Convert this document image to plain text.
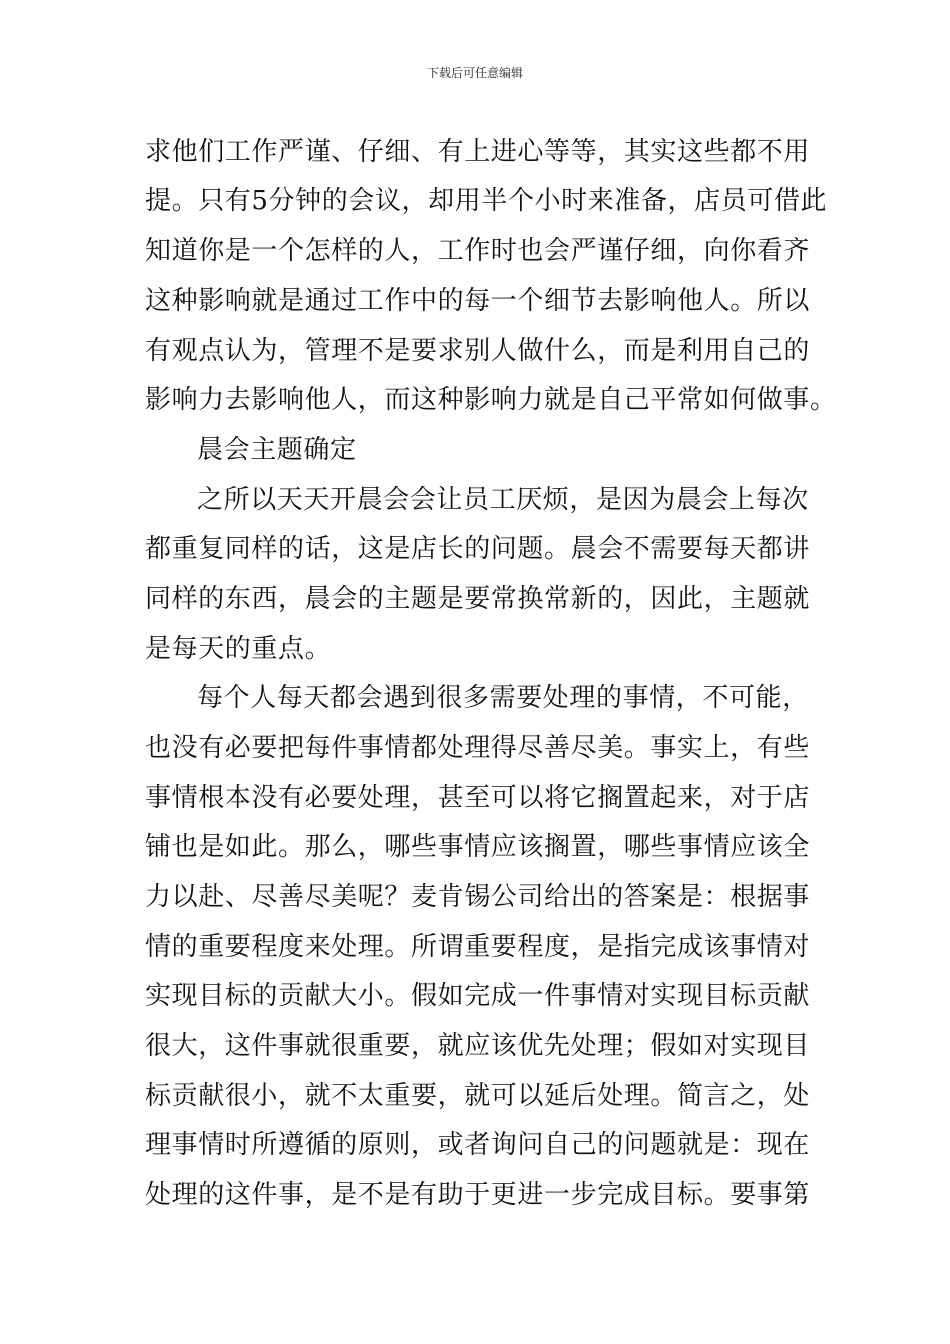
下载后可任意编辑
求他们工作严谨、仔细、有上进心等等，其实这些都不用
提。只有5分钟的会议，却用半个小时来准备，店员可借此
知道你是一个怎样的人，工作时也会严谨仔细，向你看齐
这种影响就是通过工作中的每一个细节去影响他人。所以
有观点认为，管理不是要求别人做什么，而是利用自己的
影响力去影响他人，而这种影响力就是自己平常如何做事。
晨会主题确定
之所以天天开晨会会让员工厌烦，是因为晨会上每次
都重复同样的话，这是店长的问题。晨会不需要每天都讲
同样的东西，晨会的主题是要常换常新的，因此，主题就
是每天的重点。
每个人每天都会遇到很多需要处理的事情，不可能，
也没有必要把每件事情都处理得尽善尽美。事实上，有些
事情根本没有必要处理，甚至可以将它搁置起来，对于店
铺也是如此。那么，哪些事情应该搁置，哪些事情应该全
力以赴、尽善尽美呢？麦肯锡公司给出的答案是：根据事
情的重要程度来处理。所谓重要程度，是指完成该事情对
实现目标的贡献大小。假如完成一件事情对实现目标贡献
很大，这件事就很重要，就应该优先处理；假如对实现目
标贡献很小，就不太重要，就可以延后处理。简言之，处
理事情时所遵循的原则，或者询问自己的问题就是：现在
处理的这件事，是不是有助于更进一步完成目标。要事第
